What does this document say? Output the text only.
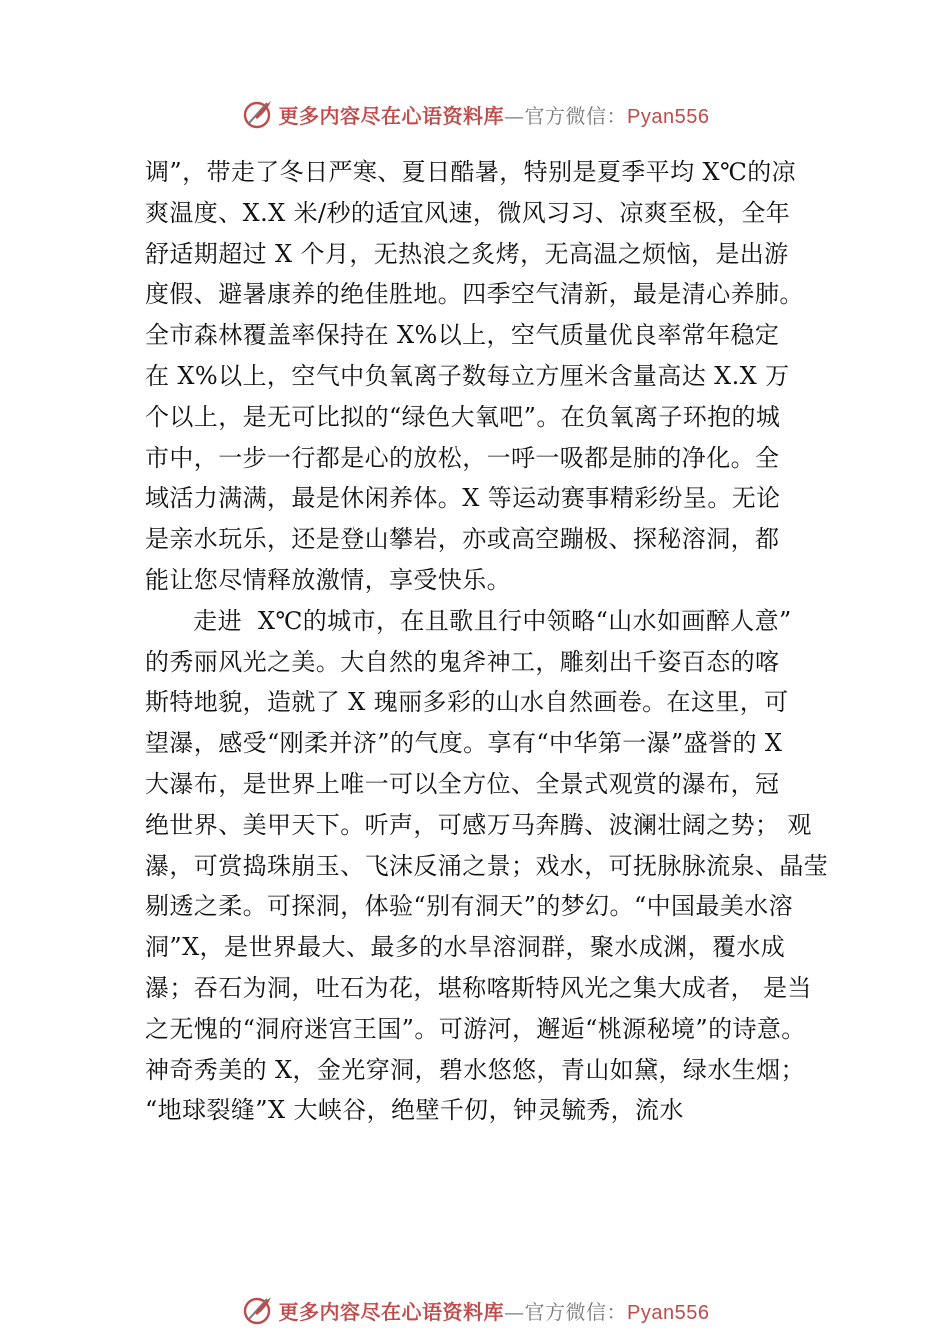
更多内容尽在心语资料库—官方微信：Pyan556
调”，带走了冬日严寒、夏日酷暑，特别是夏季平均 X℃的凉
爽温度、X.X 米/秒的适宜风速，微风习习、凉爽至极，全年
舒适期超过 X 个月，无热浪之炙烤，无高温之烦恼，是出游
度假、避暑康养的绝佳胜地。四季空气清新，最是清心养肺。
全市森林覆盖率保持在 X%以上，空气质量优良率常年稳定
在 X%以上，空气中负氧离子数每立方厘米含量高达 X.X 万
个以上，是无可比拟的“绿色大氧吧”。在负氧离子环抱的城
市中，一步一行都是心的放松，一呼一吸都是肺的净化。全
域活力满满，最是休闲养体。X 等运动赛事精彩纷呈。无论
是亲水玩乐，还是登山攀岩，亦或高空蹦极、探秘溶洞，都
能让您尽情释放激情，享受快乐。
走进  X℃的城市，在且歌且行中领略“山水如画醉人意”
的秀丽风光之美。大自然的鬼斧神工，雕刻出千姿百态的喀
斯特地貌，造就了 X 瑰丽多彩的山水自然画卷。在这里，可
望瀑，感受“刚柔并济”的气度。享有“中华第一瀑”盛誉的 X
大瀑布，是世界上唯一可以全方位、全景式观赏的瀑布，冠
绝世界、美甲天下。听声，可感万马奔腾、波澜壮阔之势； 观
瀑，可赏捣珠崩玉、飞沫反涌之景；戏水，可抚脉脉流泉、晶莹
剔透之柔。可探洞，体验“别有洞天”的梦幻。“中国最美水溶
洞”X，是世界最大、最多的水旱溶洞群，聚水成渊，覆水成
瀑；吞石为洞，吐石为花，堪称喀斯特风光之集大成者， 是当
之无愧的“洞府迷宫王国”。可游河，邂逅“桃源秘境”的诗意。
神奇秀美的 X，金光穿洞，碧水悠悠，青山如黛，绿水生烟；
“地球裂缝”X 大峡谷，绝壁千仞，钟灵毓秀，流水
更多内容尽在心语资料库—官方微信：Pyan556
